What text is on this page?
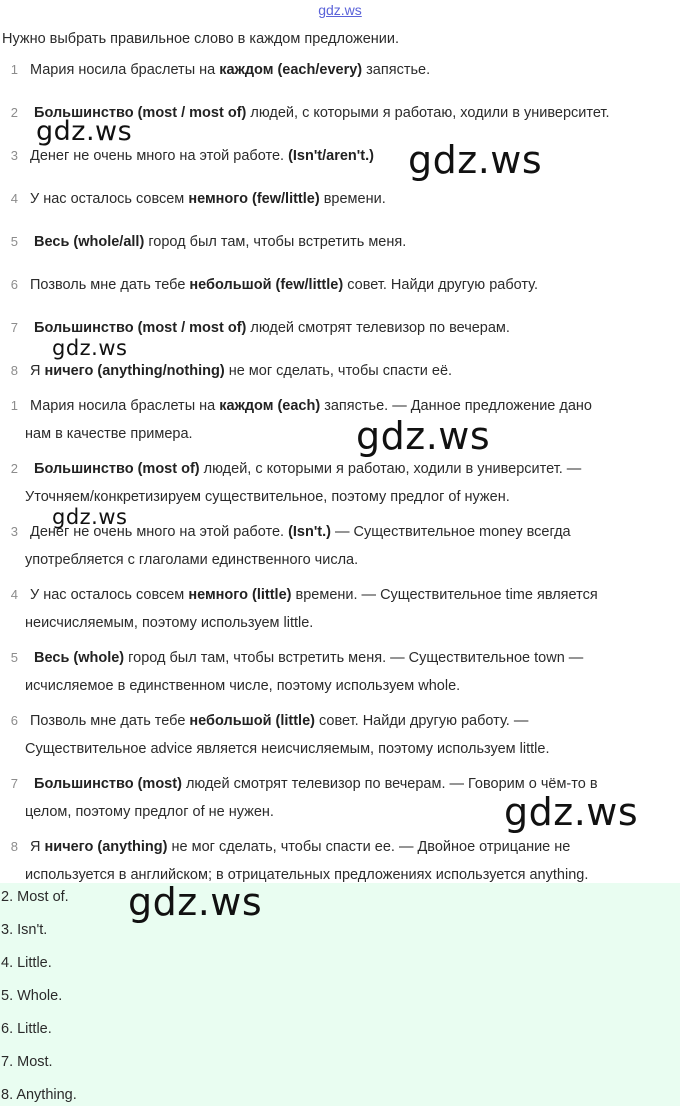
gdz.ws
Нужно выбрать правильное слово в каждом предложении.
1 Мария носила браслеты на каждом (each/every) запястье.
2 Большинство (most / most of) людей, с которыми я работаю, ходили в университет.
3 Денег не очень много на этой работе. (Isn't/aren't.)
4 У нас осталось совсем немного (few/little) времени.
5 Весь (whole/all) город был там, чтобы встретить меня.
6 Позволь мне дать тебе небольшой (few/little) совет. Найди другую работу.
7 Большинство (most / most of) людей смотрят телевизор по вечерам.
8 Я ничего (anything/nothing) не мог сделать, чтобы спасти её.
1 Мария носила браслеты на каждом (each) запястье. — Данное предложение дано
нам в качестве примера.
2 Большинство (most of) людей, с которыми я работаю, ходили в университет. —
Уточняем/конкретизируем существительное, поэтому предлог of нужен.
3 Денег не очень много на этой работе. (Isn't.) — Существительное money всегда
употребляется с глаголами единственного числа.
4 У нас осталось совсем немного (little) времени. — Существительное time является
неисчисляемым, поэтому используем little.
5 Весь (whole) город был там, чтобы встретить меня. — Существительное town —
исчисляемое в единственном числе, поэтому используем whole.
6 Позволь мне дать тебе небольшой (little) совет. Найди другую работу. —
Существительное advice является неисчисляемым, поэтому используем little.
7 Большинство (most) людей смотрят телевизор по вечерам. — Говорим о чём-то в
целом, поэтому предлог of не нужен.
8 Я ничего (anything) не мог сделать, чтобы спасти ее. — Двойное отрицание не
используется в английском; в отрицательных предложениях используется anything.
2. Most of.
3. Isn't.
4. Little.
5. Whole.
6. Little.
7. Most.
8. Anything.
gdz.ws
gdz.ws
gdz.ws
gdz.ws
gdz.ws
gdz.ws
gdz.ws
